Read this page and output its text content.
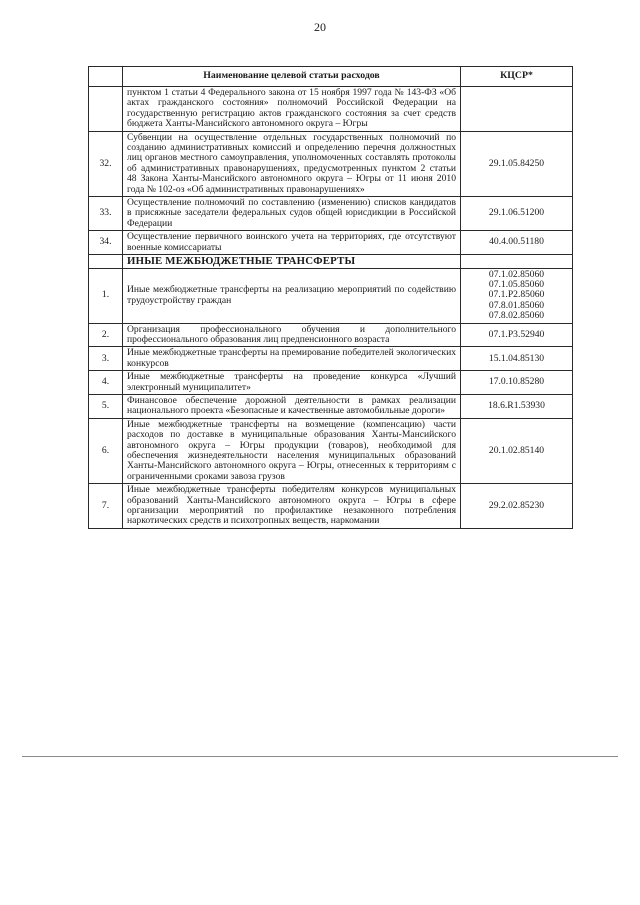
20
	Наименование целевой статьи расходов	КЦСР*
	пунктом 1 статьи 4 Федерального закона от 15 ноября 1997 года № 143-ФЗ «Об актах гражданского состояния» полномочий Российской Федерации на государственную регистрацию актов гражданского состояния за счет средств бюджета Ханты-Мансийского автономного округа – Югры	
32.	Субвенции на осуществление отдельных государственных полномочий по созданию административных комиссий и определению перечня должностных лиц органов местного самоуправления, уполномоченных составлять протоколы об административных правонарушениях, предусмотренных пунктом 2 статьи 48 Закона Ханты-Мансийского автономного округа – Югры от 11 июня 2010 года № 102-оз «Об административных правонарушениях»	29.1.05.84250

33.	Осуществление полномочий по составлению (изменению) списков кандидатов в присяжные заседатели федеральных судов общей юрисдикции в Российской Федерации	29.1.06.51200

34.	Осуществление первичного воинского учета на территориях, где отсутствуют военные комиссариаты	40.4.00.51180

	ИНЫЕ МЕЖБЮДЖЕТНЫЕ ТРАНСФЕРТЫ	
1.	Иные межбюджетные трансферты на реализацию мероприятий по содействию трудоустройству граждан	07.1.02.85060
07.1.05.85060
07.1.Р2.85060
07.8.01.85060
07.8.02.85060

2.	Организация профессионального обучения и дополнительного профессионального образования лиц предпенсионного возраста	07.1.Р3.52940

3.	Иные межбюджетные трансферты на премирование победителей экологических конкурсов	15.1.04.85130

4.	Иные межбюджетные трансферты на проведение конкурса «Лучший электронный муниципалитет»	17.0.10.85280

5.	Финансовое обеспечение дорожной деятельности в рамках реализации национального проекта «Безопасные и качественные автомобильные дороги»	18.6.R1.53930

6.	Иные межбюджетные трансферты на возмещение (компенсацию) части расходов по доставке в муниципальные образования Ханты-Мансийского автономного округа – Югры продукции (товаров), необходимой для обеспечения жизнедеятельности населения муниципальных образований Ханты-Мансийского автономного округа – Югры, отнесенных к территориям с ограниченными сроками завоза грузов	20.1.02.85140

7.	Иные межбюджетные трансферты победителям конкурсов муниципальных образований Ханты-Мансийского автономного округа – Югры в сфере организации мероприятий по профилактике незаконного потребления наркотических средств и психотропных веществ, наркомании	29.2.02.85230
